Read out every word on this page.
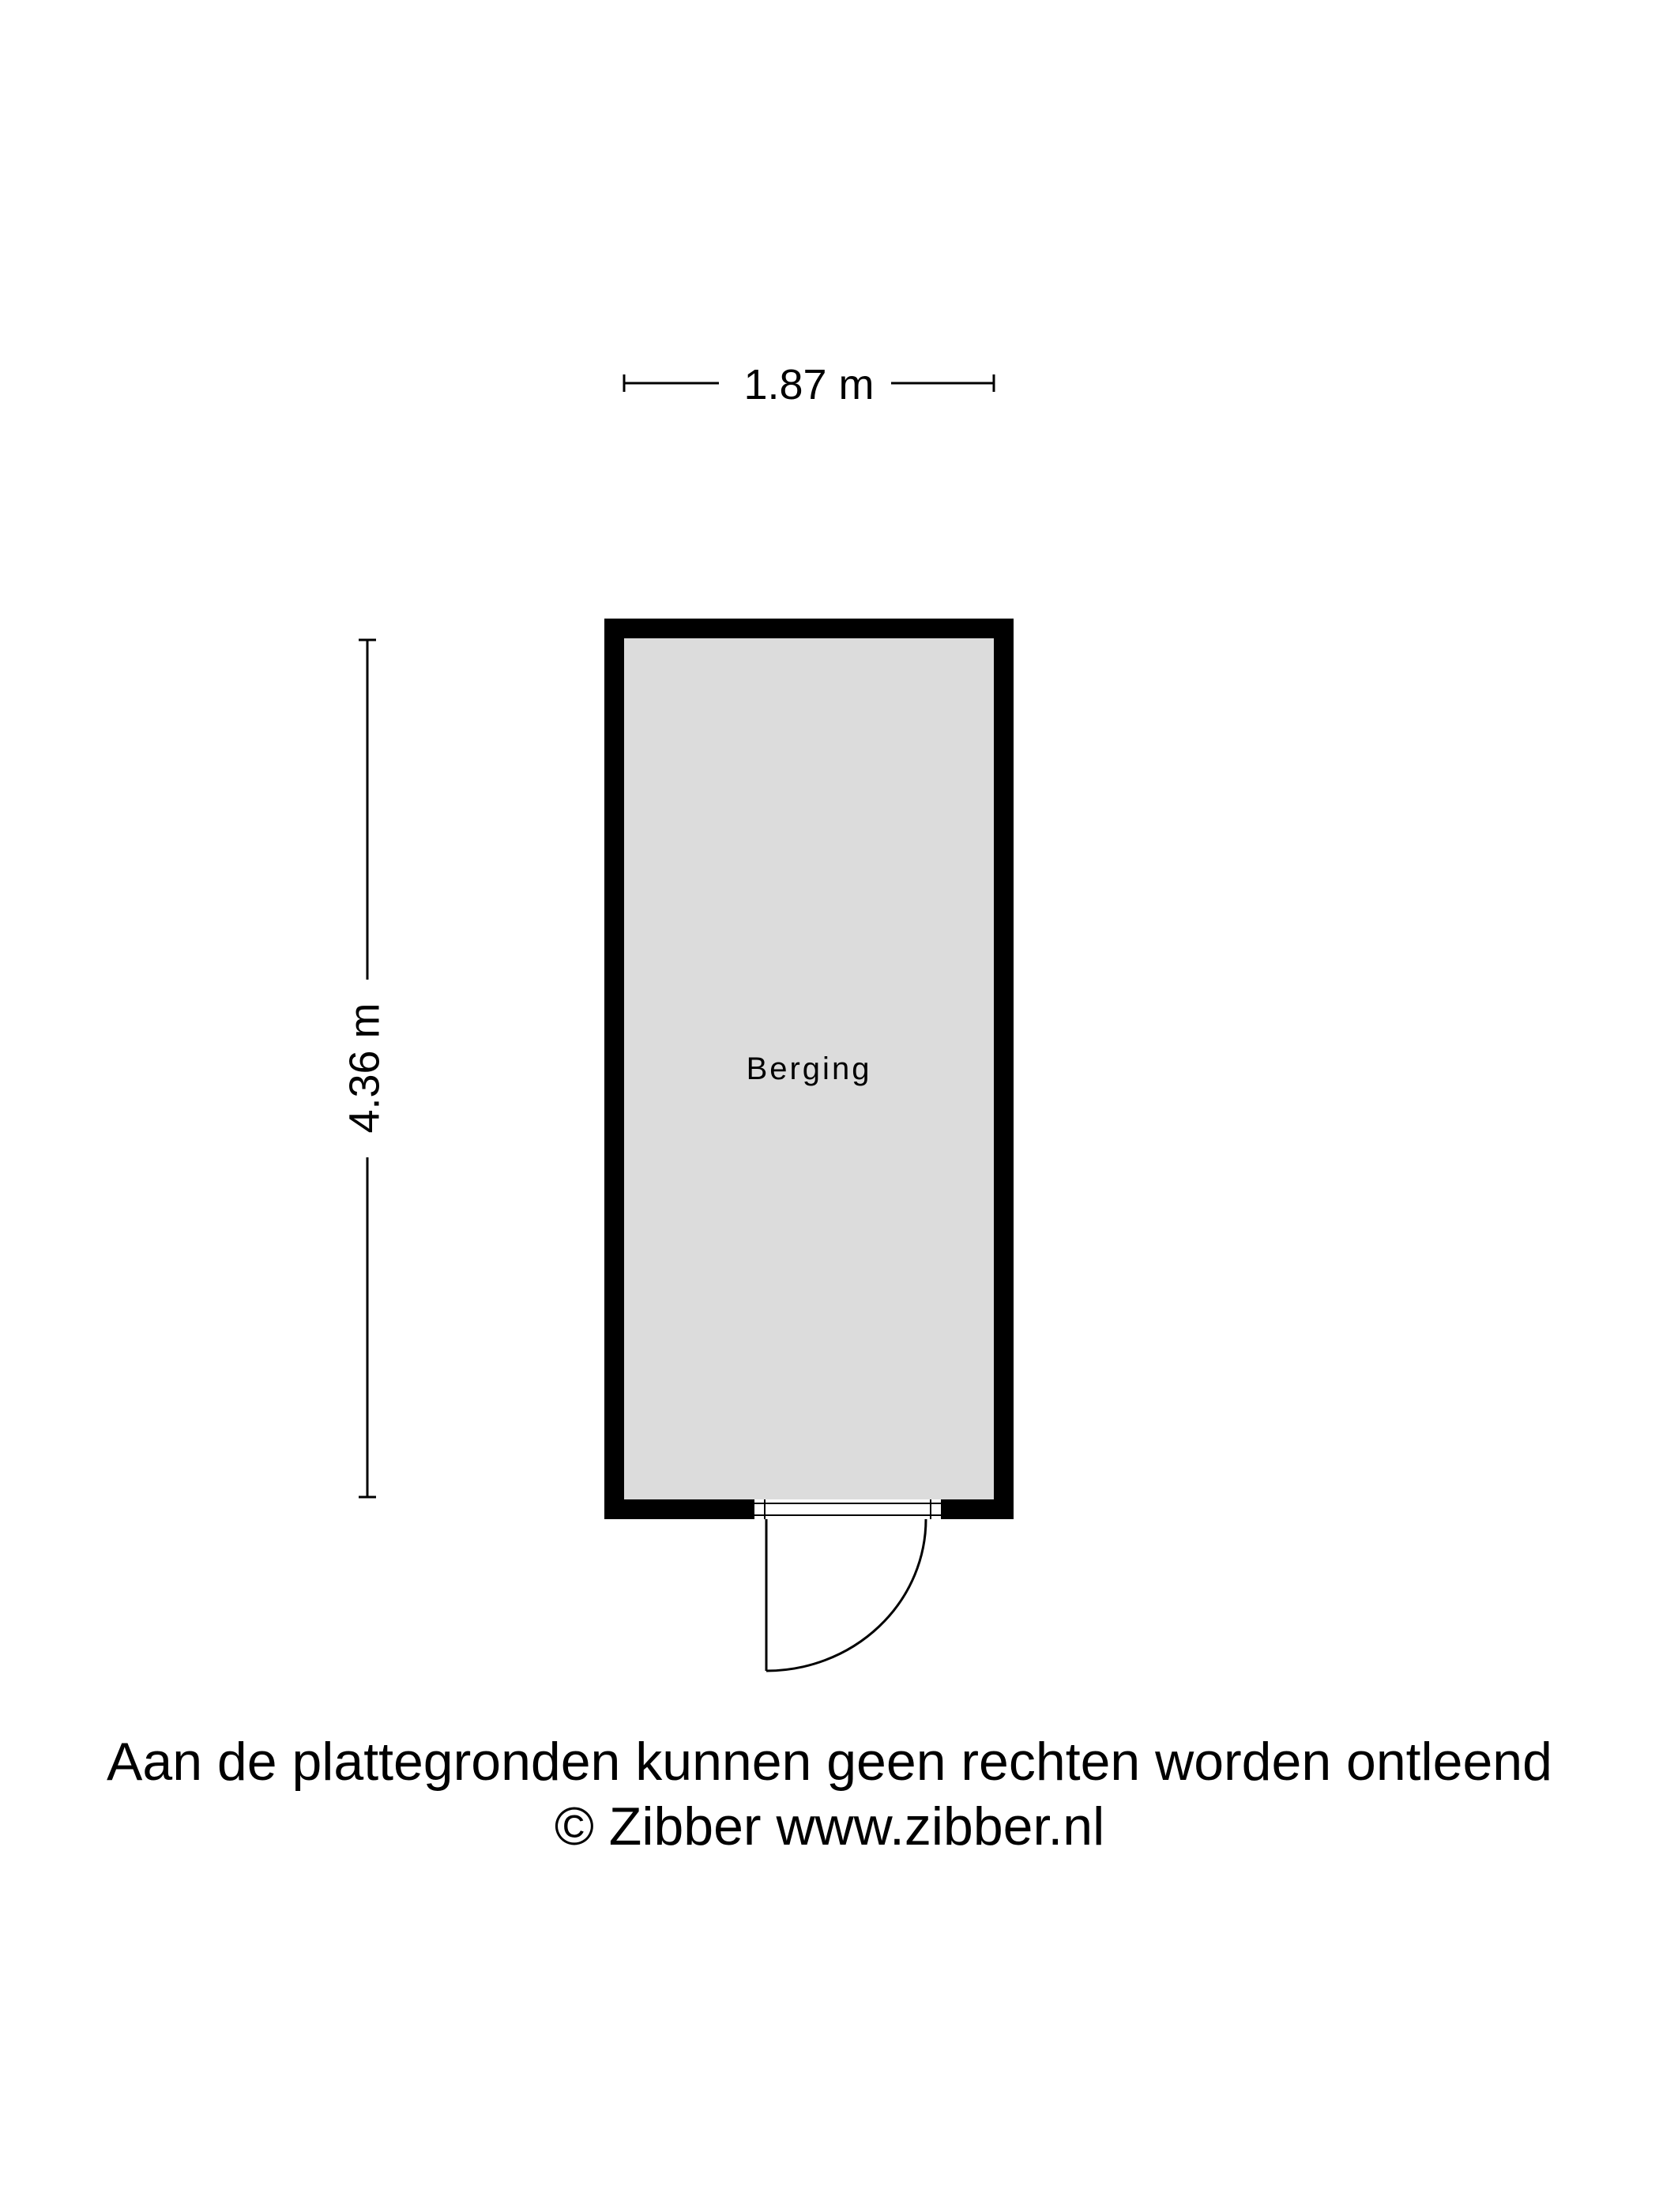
1.87 m
4.36 m	Berging
Aan de plattegronden kunnen geen rechten worden ontleend
© Zibber www.zibber.nl
